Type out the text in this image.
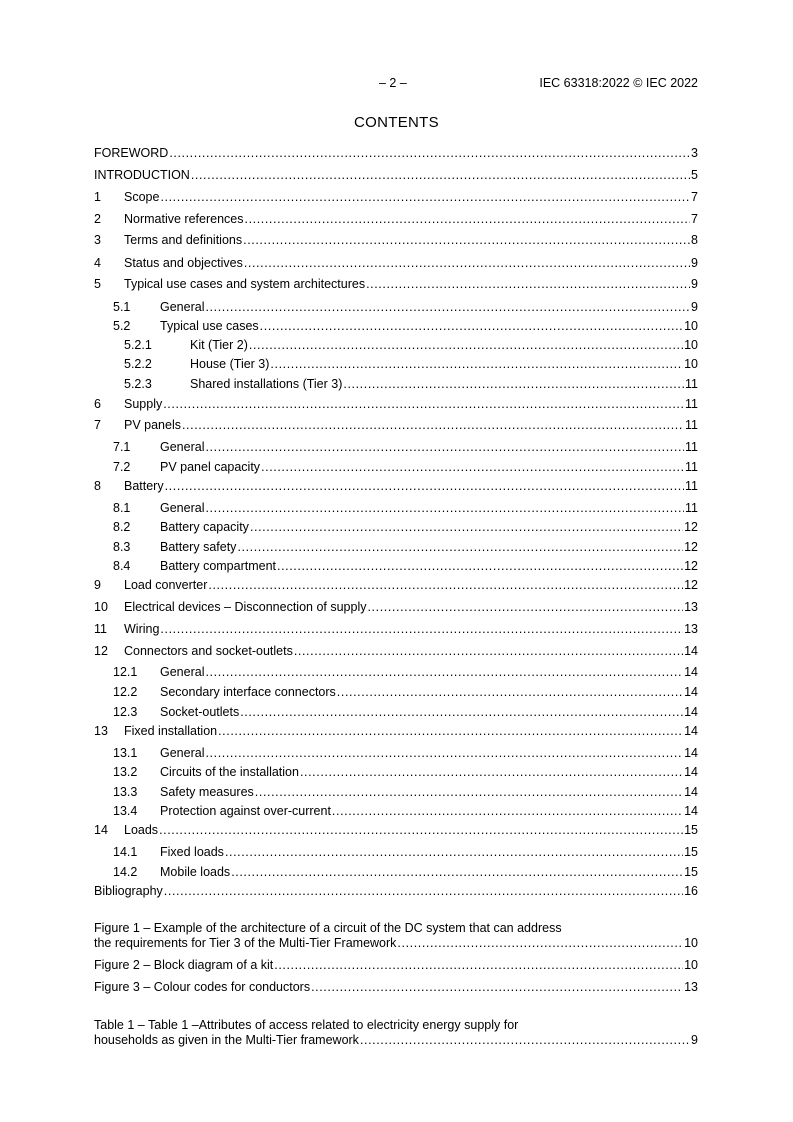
– 2 –	IEC 63318:2022 © IEC 2022
CONTENTS
FOREWORD .....	3
INTRODUCTION .....	5
1	Scope .....	7
2	Normative references .....	7
3	Terms and definitions .....	8
4	Status and objectives .....	9
5	Typical use cases and system architectures .....	9
5.1	General .....	9
5.2	Typical use cases .....	10
5.2.1	Kit (Tier 2) .....	10
5.2.2	House (Tier 3) .....	10
5.2.3	Shared installations (Tier 3) .....	11
6	Supply .....	11
7	PV panels .....	11
7.1	General .....	11
7.2	PV panel capacity .....	11
8	Battery .....	11
8.1	General .....	11
8.2	Battery capacity .....	12
8.3	Battery safety .....	12
8.4	Battery compartment .....	12
9	Load converter .....	12
10	Electrical devices – Disconnection of supply .....	13
11	Wiring .....	13
12	Connectors and socket-outlets .....	14
12.1	General .....	14
12.2	Secondary interface connectors .....	14
12.3	Socket-outlets .....	14
13	Fixed installation .....	14
13.1	General .....	14
13.2	Circuits of the installation .....	14
13.3	Safety measures .....	14
13.4	Protection against over-current .....	14
14	Loads .....	15
14.1	Fixed loads .....	15
14.2	Mobile loads .....	15
Bibliography .....	16
Figure 1 – Example of the architecture of a circuit of the DC system that can address
the requirements for Tier 3 of the Multi-Tier Framework .....	10
Figure 2 – Block diagram of a kit .....	10
Figure 3 – Colour codes for conductors .....	13
Table 1 – Table 1 –Attributes of access related to electricity energy supply for
households as given in the Multi-Tier framework .....	9
